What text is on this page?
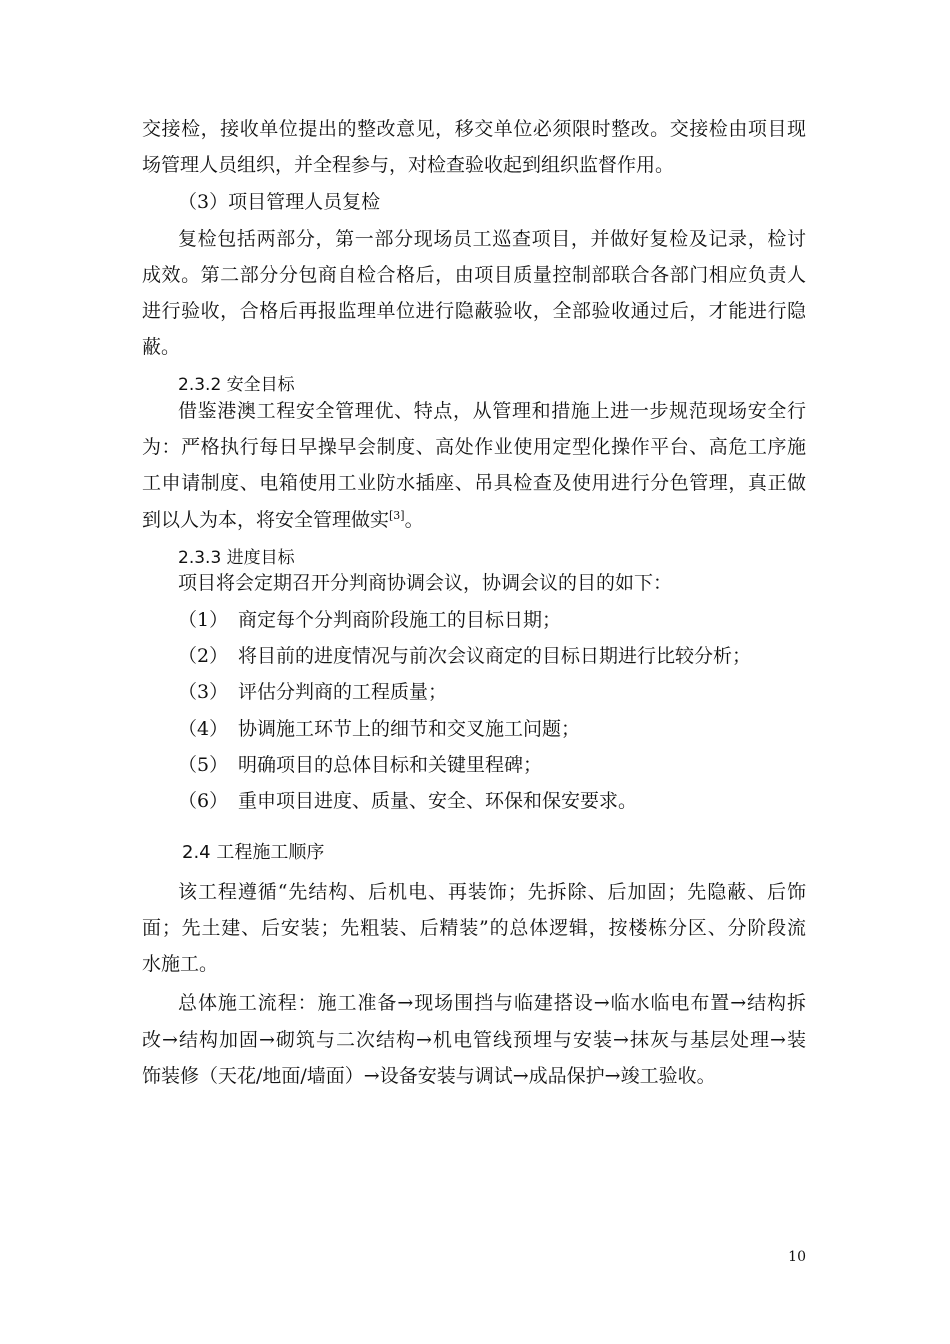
交接检，接收单位提出的整改意见，移交单位必须限时整改。交接检由项目现
场管理人员组织，并全程参与，对检查验收起到组织监督作用。
（3）项目管理人员复检
复检包括两部分，第一部分现场员工巡查项目，并做好复检及记录，检讨
成效。第二部分分包商自检合格后，由项目质量控制部联合各部门相应负责人
进行验收，合格后再报监理单位进行隐蔽验收，全部验收通过后，才能进行隐
蔽。
2.3.2 安全目标
借鉴港澳工程安全管理优、特点，从管理和措施上进一步规范现场安全行
为：严格执行每日早操早会制度、高处作业使用定型化操作平台、高危工序施
工申请制度、电箱使用工业防水插座、吊具检查及使用进行分色管理，真正做
到以人为本，将安全管理做实[3]。
2.3.3 进度目标
项目将会定期召开分判商协调会议，协调会议的目的如下：
（1） 商定每个分判商阶段施工的目标日期；
（2） 将目前的进度情况与前次会议商定的目标日期进行比较分析；
（3） 评估分判商的工程质量；
（4） 协调施工环节上的细节和交叉施工问题；
（5） 明确项目的总体目标和关键里程碑；
（6） 重申项目进度、质量、安全、环保和保安要求。
2.4 工程施工顺序
该工程遵循“先结构、后机电、再装饰；先拆除、后加固；先隐蔽、后饰
面；先土建、后安装；先粗装、后精装”的总体逻辑，按楼栋分区、分阶段流
水施工。
总体施工流程：施工准备→现场围挡与临建搭设→临水临电布置→结构拆
改→结构加固→砌筑与二次结构→机电管线预埋与安装→抹灰与基层处理→装
饰装修（天花/地面/墙面）→设备安装与调试→成品保护→竣工验收。
10
